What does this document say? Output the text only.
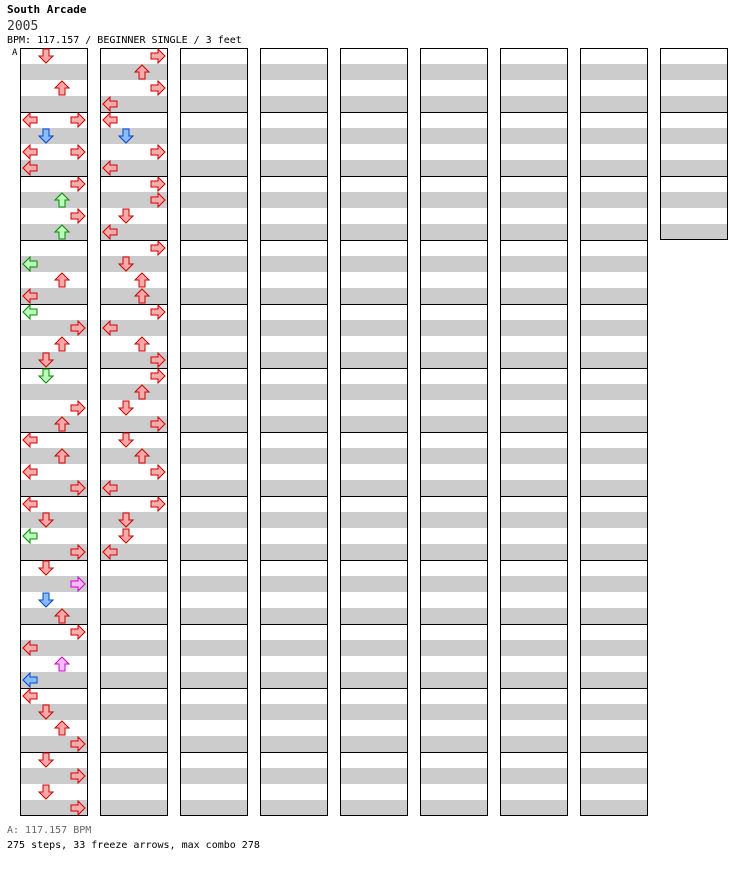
South Arcade
2005
BPM: 117.157 / BEGINNER SINGLE / 3 feet
A
A: 117.157 BPM
275 steps, 33 freeze arrows, max combo 278
